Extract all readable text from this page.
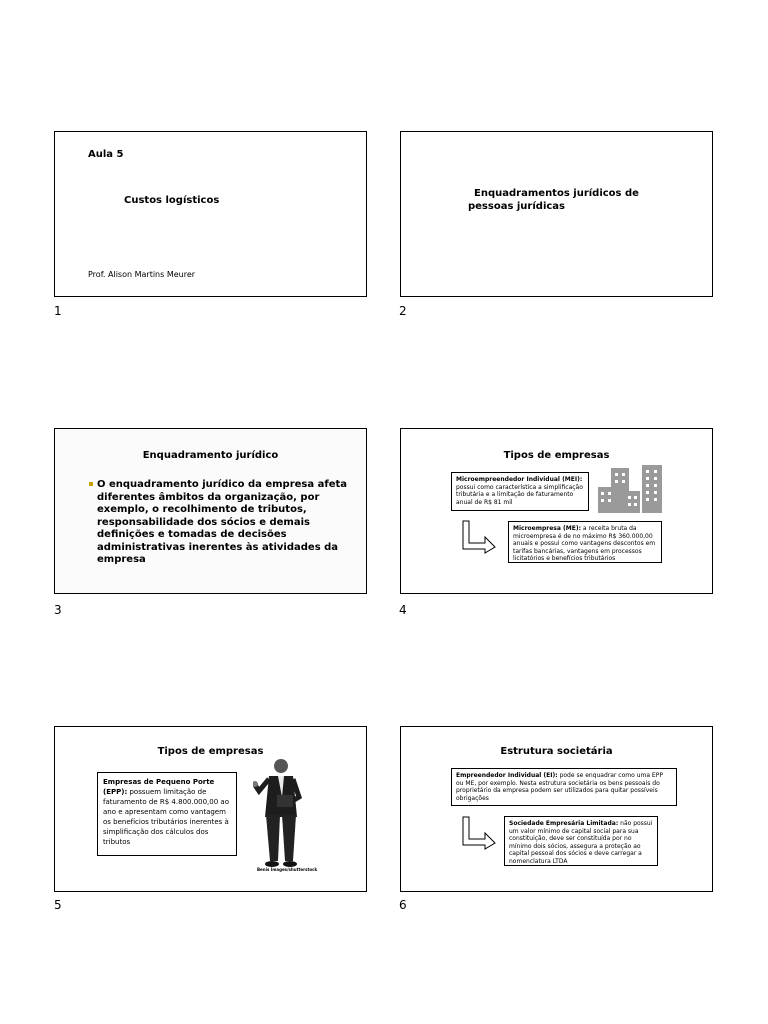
Aula 5
Custos logísticos
Prof. Alison Martins Meurer
1
Enquadramentos jurídicos de
pessoas jurídicas
2
Enquadramento jurídico
O enquadramento jurídico da empresa afeta
diferentes âmbitos da organização, por
exemplo, o recolhimento de tributos,
responsabilidade dos sócios e demais
definições e tomadas de decisões
administrativas inerentes às atividades da
empresa
3
Tipos de empresas
Microempreendedor Individual (MEI): possui como característica a simplificação tributária e a limitação de faturamento anual de R$ 81 mil
Microempresa (ME): a receita bruta da microempresa é de no máximo R$ 360.000,00 anuais e possui como vantagens descontos em tarifas bancárias, vantagens em processos licitatórios e benefícios tributários
4
Tipos de empresas
Empresas de Pequeno Porte (EPP): possuem limitação de faturamento de R$ 4.800.000,00 ao ano e apresentam como vantagem os benefícios tributários inerentes à simplificação dos cálculos dos tributos
Benis Images/shutterstock
5
Estrutura societária
Empreendedor Individual (EI): pode se enquadrar como uma EPP ou ME, por exemplo. Nesta estrutura societária os bens pessoais do proprietário da empresa podem ser utilizados para quitar possíveis obrigações
Sociedade Empresária Limitada: não possui um valor mínimo de capital social para sua constituição, deve ser constituída por no mínimo dois sócios, assegura a proteção ao capital pessoal dos sócios e deve carregar a nomenclatura LTDA
6
